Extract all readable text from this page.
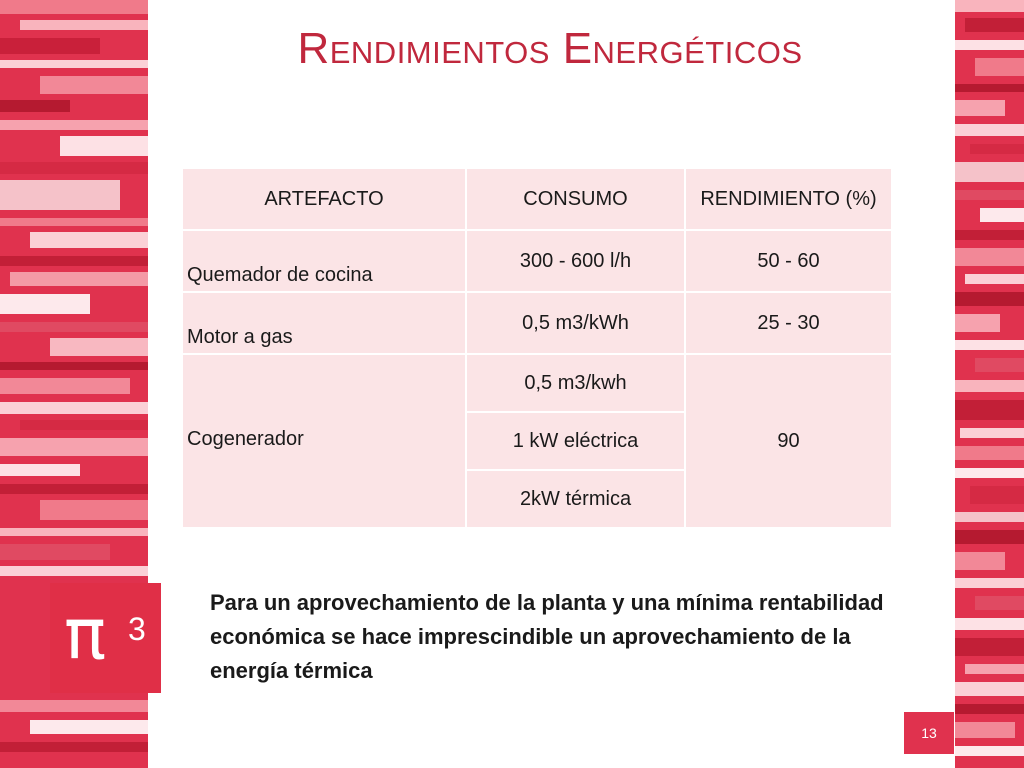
Rendimientos Energéticos
ARTEFACTO	CONSUMO	RENDIMIENTO (%)
Quemador de cocina	300 - 600 l/h	50 - 60
Motor a gas	0,5 m3/kWh	25 - 30
Cogenerador	0,5 m3/kwh	90
	1 kW eléctrica	
	2kW térmica	
π 3

Para un aprovechamiento de la planta y una mínima rentabilidad económica se hace imprescindible un aprovechamiento de la energía térmica

13
